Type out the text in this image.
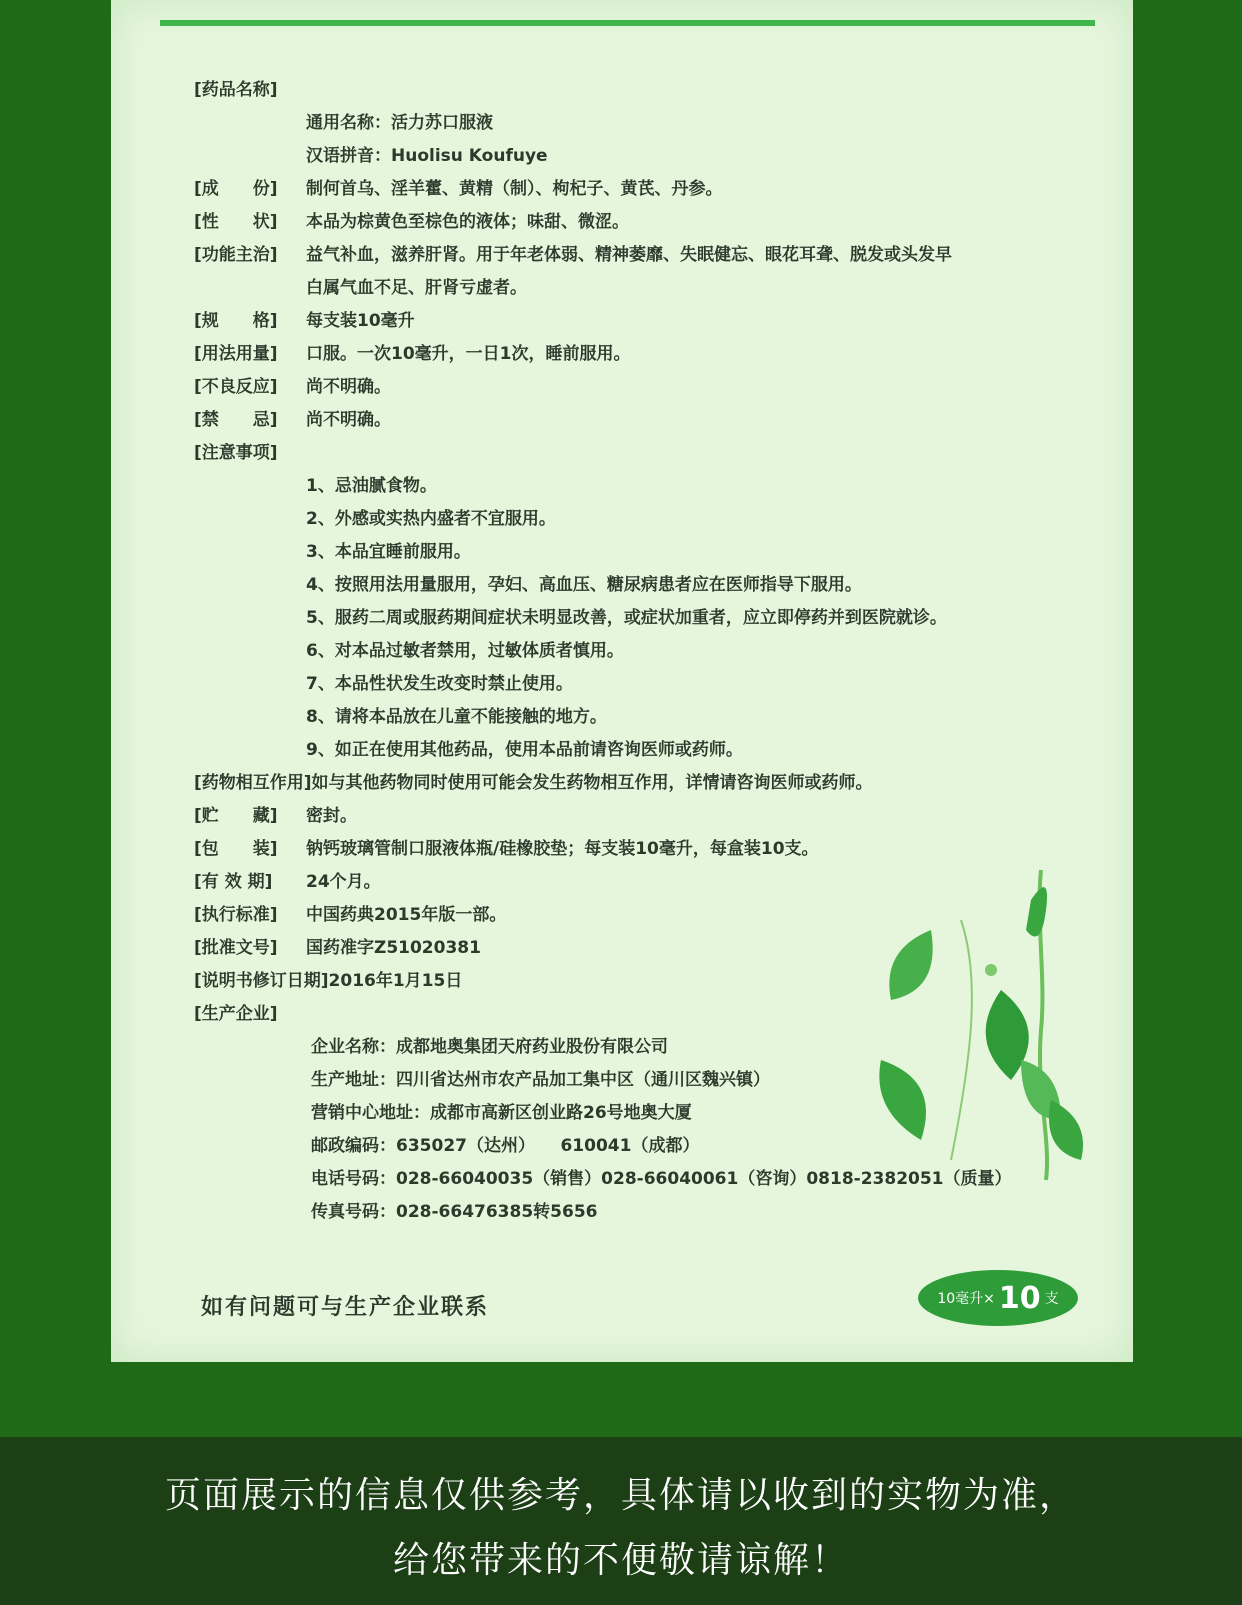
[药品名称]
通用名称：活力苏口服液
汉语拼音：Huolisu Koufuye
[成　　份] 制何首乌、淫羊藿、黄精（制）、枸杞子、黄芪、丹参。
[性　　状] 本品为棕黄色至棕色的液体；味甜、微涩。
[功能主治] 益气补血，滋养肝肾。用于年老体弱、精神萎靡、失眠健忘、眼花耳聋、脱发或头发早
白属气血不足、肝肾亏虚者。
[规　　格] 每支装10毫升
[用法用量] 口服。一次10毫升，一日1次，睡前服用。
[不良反应] 尚不明确。
[禁　　忌] 尚不明确。
[注意事项]
1、忌油腻食物。
2、外感或实热内盛者不宜服用。
3、本品宜睡前服用。
4、按照用法用量服用，孕妇、高血压、糖尿病患者应在医师指导下服用。
5、服药二周或服药期间症状未明显改善，或症状加重者，应立即停药并到医院就诊。
6、对本品过敏者禁用，过敏体质者慎用。
7、本品性状发生改变时禁止使用。
8、请将本品放在儿童不能接触的地方。
9、如正在使用其他药品，使用本品前请咨询医师或药师。
[药物相互作用]如与其他药物同时使用可能会发生药物相互作用，详情请咨询医师或药师。
[贮　　藏] 密封。
[包　　装] 钠钙玻璃管制口服液体瓶/硅橡胶垫；每支装10毫升，每盒装10支。
[有 效 期] 24个月。
[执行标准] 中国药典2015年版一部。
[批准文号] 国药准字Z51020381
[说明书修订日期]2016年1月15日
[生产企业]
企业名称：成都地奥集团天府药业股份有限公司
生产地址：四川省达州市农产品加工集中区（通川区魏兴镇）
营销中心地址：成都市高新区创业路26号地奥大厦
邮政编码：635027（达州）　　610041（成都）
电话号码：028-66040035（销售）028-66040061（咨询）0818-2382051（质量）
传真号码：028-66476385转5656
如有问题可与生产企业联系	10毫升× 10 支
页面展示的信息仅供参考，具体请以收到的实物为准，
给您带来的不便敬请谅解！
